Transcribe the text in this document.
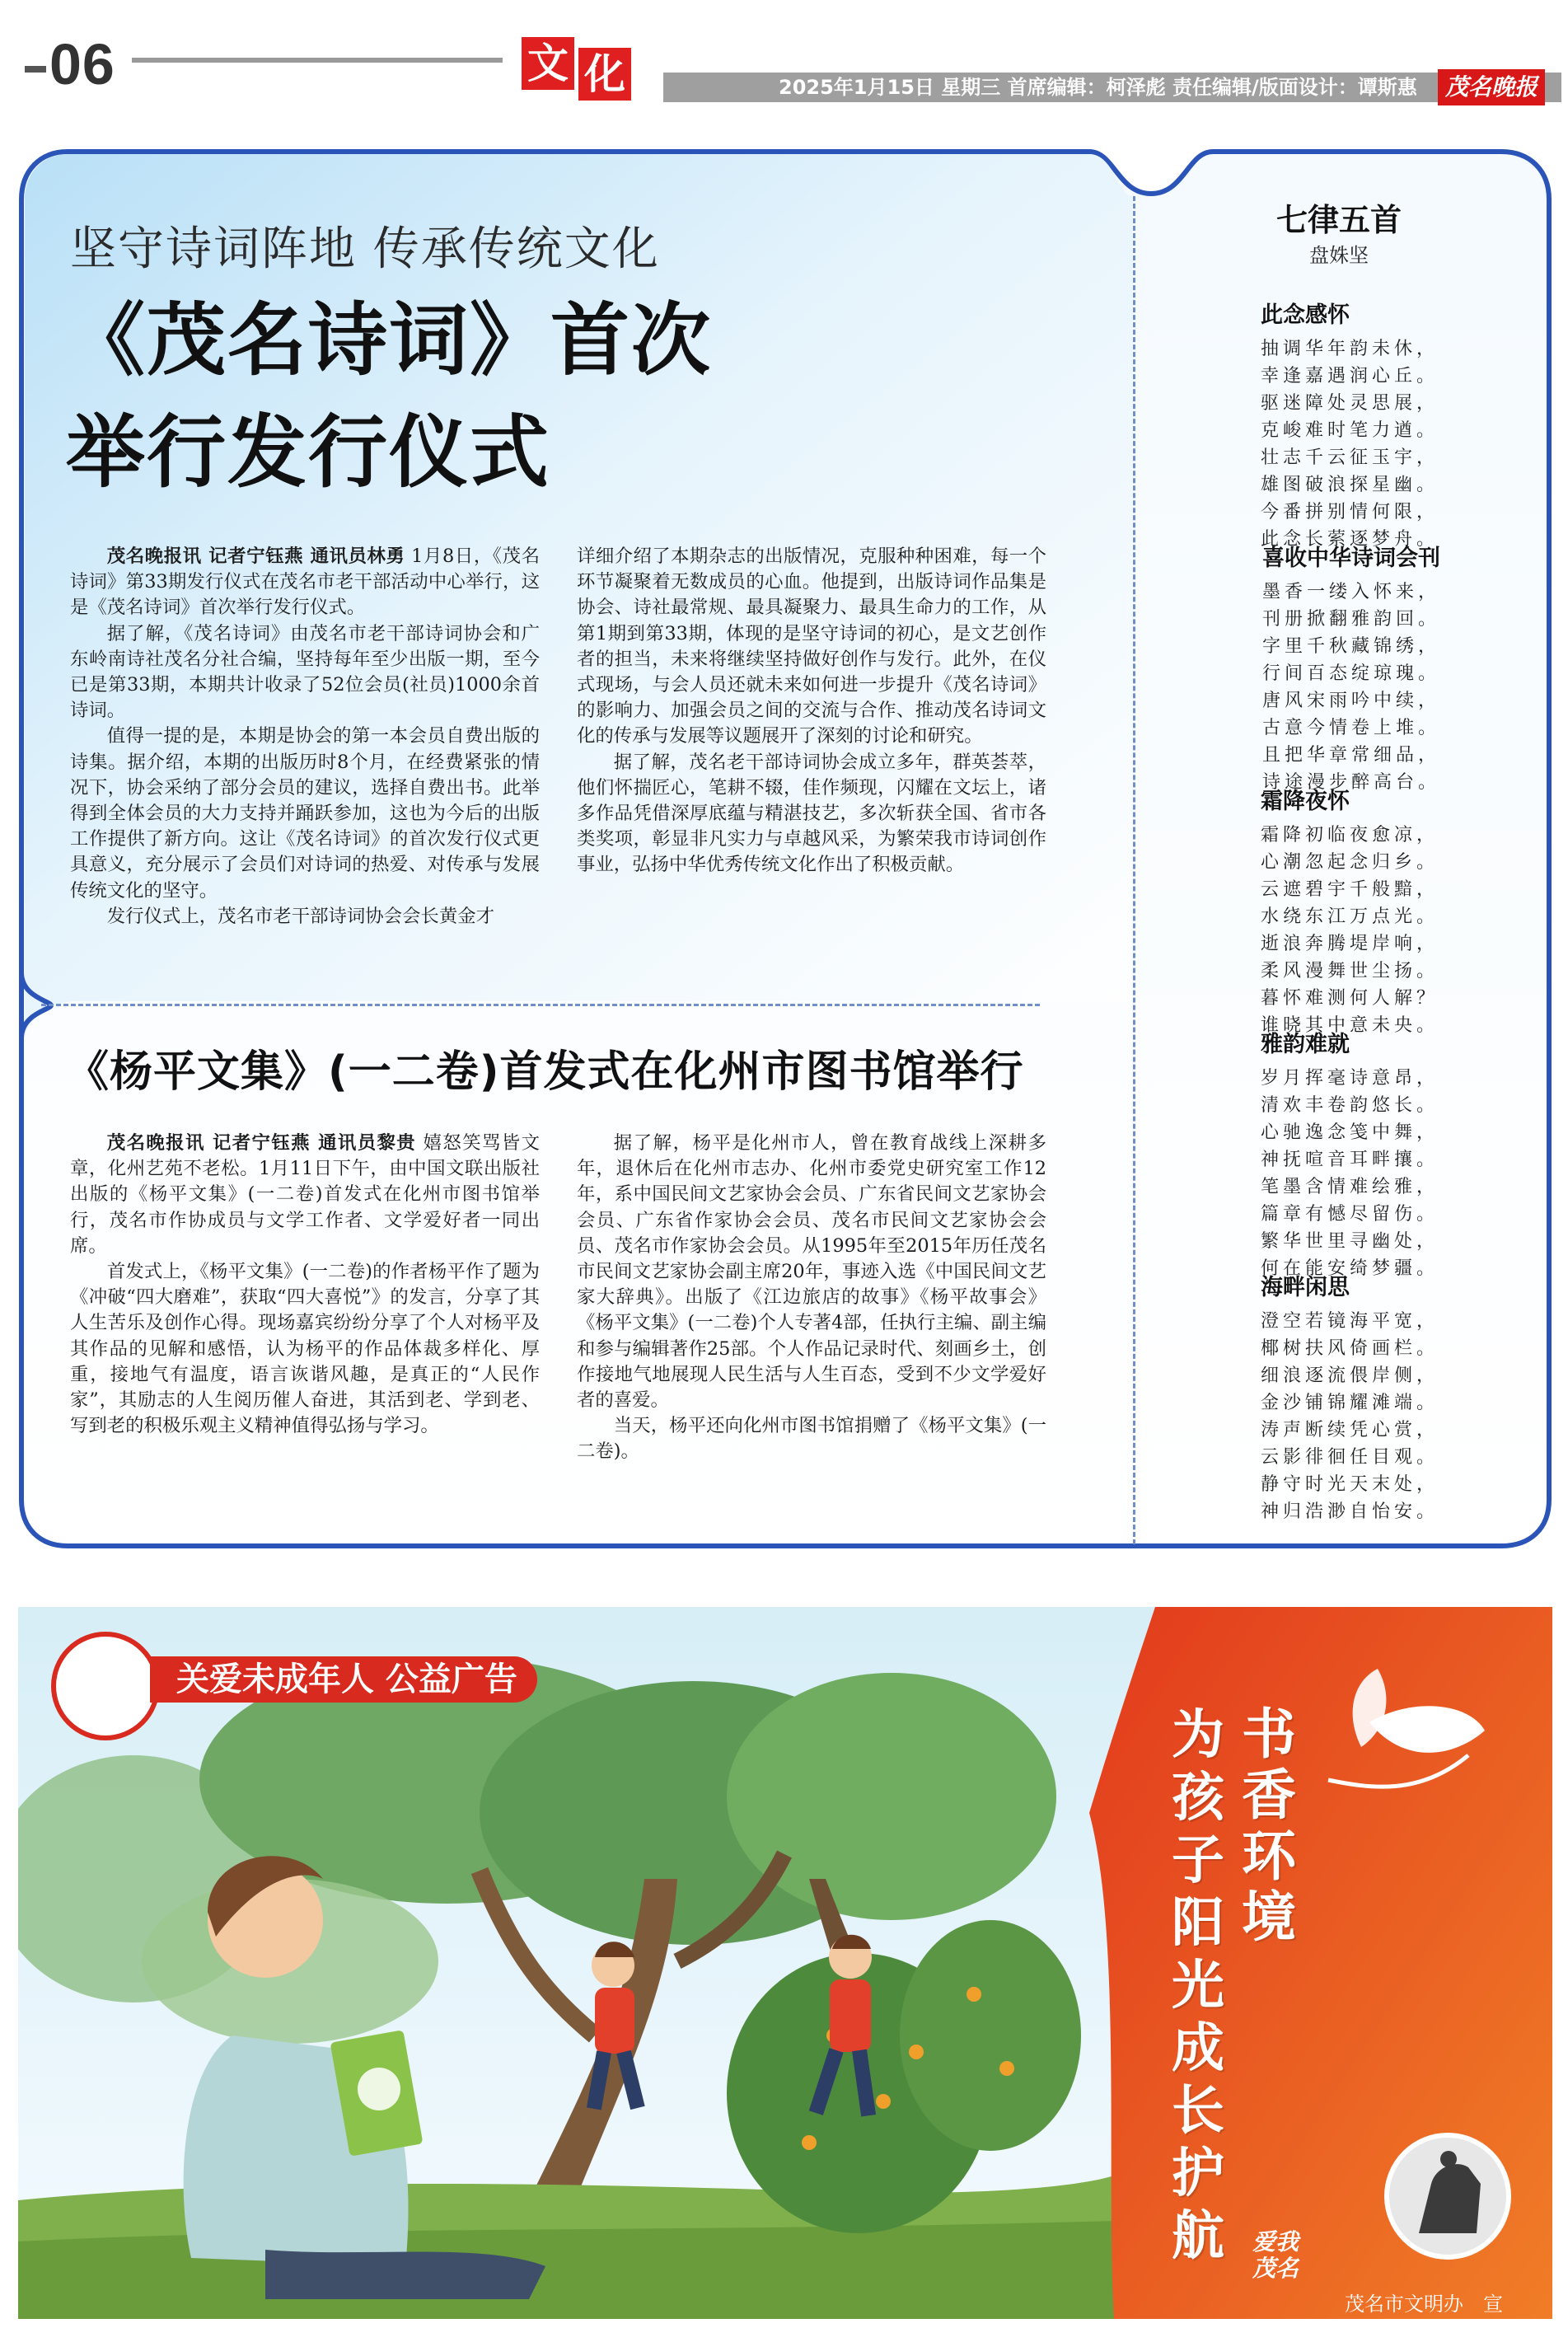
06	文 化	2025年1月15日 星期三 首席编辑：柯泽彪 责任编辑/版面设计：谭斯惠	茂名晚报
坚守诗词阵地 传承传统文化
《茂名诗词》首次
举行发行仪式

茂名晚报讯 记者宁钰燕 通讯员林勇 1月8日，《茂名诗词》第33期发行仪式在茂名市老干部活动中心举行，这是《茂名诗词》首次举行发行仪式。

据了解，《茂名诗词》由茂名市老干部诗词协会和广东岭南诗社茂名分社合编，坚持每年至少出版一期，至今已是第33期，本期共计收录了52位会员(社员)1000余首诗词。

值得一提的是，本期是协会的第一本会员自费出版的诗集。据介绍，本期的出版历时8个月，在经费紧张的情况下，协会采纳了部分会员的建议，选择自费出书。此举得到全体会员的大力支持并踊跃参加，这也为今后的出版工作提供了新方向。这让《茂名诗词》的首次发行仪式更具意义，充分展示了会员们对诗词的热爱、对传承与发展传统文化的坚守。

发行仪式上，茂名市老干部诗词协会会长黄金才

详细介绍了本期杂志的出版情况，克服种种困难，每一个环节凝聚着无数成员的心血。他提到，出版诗词作品集是协会、诗社最常规、最具凝聚力、最具生命力的工作，从第1期到第33期，体现的是坚守诗词的初心，是文艺创作者的担当，未来将继续坚持做好创作与发行。此外，在仪式现场，与会人员还就未来如何进一步提升《茂名诗词》的影响力、加强会员之间的交流与合作、推动茂名诗词文化的传承与发展等议题展开了深刻的讨论和研究。

据了解，茂名老干部诗词协会成立多年，群英荟萃，他们怀揣匠心，笔耕不辍，佳作频现，闪耀在文坛上，诸多作品凭借深厚底蕴与精湛技艺，多次斩获全国、省市各类奖项，彰显非凡实力与卓越风采，为繁荣我市诗词创作事业，弘扬中华优秀传统文化作出了积极贡献。

《杨平文集》(一二卷)首发式在化州市图书馆举行

茂名晚报讯 记者宁钰燕 通讯员黎贵 嬉怒笑骂皆文章，化州艺苑不老松。1月11日下午，由中国文联出版社出版的《杨平文集》(一二卷)首发式在化州市图书馆举行，茂名市作协成员与文学工作者、文学爱好者一同出席。

首发式上，《杨平文集》(一二卷)的作者杨平作了题为《冲破“四大磨难”，获取“四大喜悦”》的发言，分享了其人生苦乐及创作心得。现场嘉宾纷纷分享了个人对杨平及其作品的见解和感悟，认为杨平的作品体裁多样化、厚重，接地气有温度，语言诙谐风趣，是真正的“人民作家”，其励志的人生阅历催人奋进，其活到老、学到老、写到老的积极乐观主义精神值得弘扬与学习。

据了解，杨平是化州市人，曾在教育战线上深耕多年，退休后在化州市志办、化州市委党史研究室工作12年，系中国民间文艺家协会会员、广东省民间文艺家协会会员、广东省作家协会会员、茂名市民间文艺家协会会员、茂名市作家协会会员。从1995年至2015年历任茂名市民间文艺家协会副主席20年，事迹入选《中国民间文艺家大辞典》。出版了《江边旅店的故事》《杨平故事会》《杨平文集》(一二卷)个人专著4部，任执行主编、副主编和参与编辑著作25部。个人作品记录时代、刻画乡土，创作接地气地展现人民生活与人生百态，受到不少文学爱好者的喜爱。

当天，杨平还向化州市图书馆捐赠了《杨平文集》(一二卷)。

七律五首
盘姝坚
此念感怀
抽调华年韵未休，
幸逢嘉遇润心丘。
驱迷障处灵思展，
克峻难时笔力遒。
壮志千云征玉宇，
雄图破浪探星幽。
今番拼别情何限，
此念长萦逐梦舟。
喜收中华诗词会刊
墨香一缕入怀来，
刊册掀翻雅韵回。
字里千秋藏锦绣，
行间百态绽琼瑰。
唐风宋雨吟中续，
古意今情卷上堆。
且把华章常细品，
诗途漫步醉高台。
霜降夜怀
霜降初临夜愈凉，
心潮忽起念归乡。
云遮碧宇千般黯，
水绕东江万点光。
逝浪奔腾堤岸响，
柔风漫舞世尘扬。
暮怀难测何人解？
谁晓其中意未央。
雅韵难就
岁月挥毫诗意昂，
清欢丰卷韵悠长。
心驰逸念笺中舞，
神抚喧音耳畔攘。
笔墨含情难绘雅，
篇章有憾尽留伤。
繁华世里寻幽处，
何在能安绮梦疆。
海畔闲思
澄空若镜海平宽，
椰树扶风倚画栏。
细浪逐流偎岸侧，
金沙铺锦耀滩端。
涛声断续凭心赏，
云影徘徊任目观。
静守时光天末处，
神归浩渺自怡安。
关爱未成年人 公益广告
书
香
环
境
为
孩
子
阳
光
成
长
护
航 爱我茂名
茂名市文明办　宣
